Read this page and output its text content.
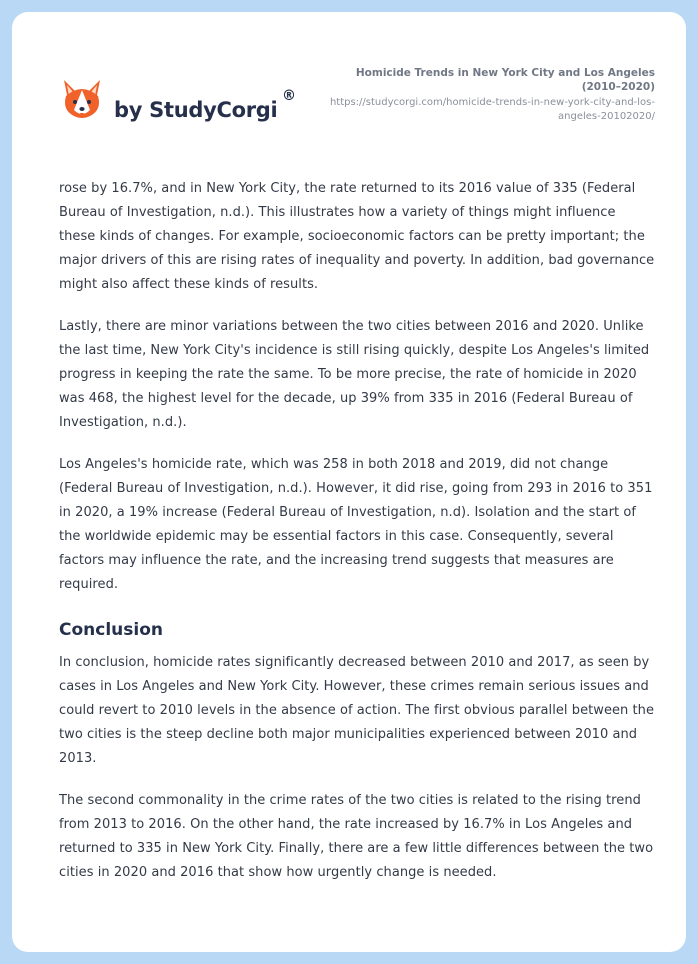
by StudyCorgi
®
Homicide Trends in New York City and Los Angeles (2010–2020)
https://studycorgi.com/homicide-trends-in-new-york-city-and-los-angeles-20102020/

rose by 16.7%, and in New York City, the rate returned to its 2016 value of 335 (Federal Bureau of Investigation, n.d.). This illustrates how a variety of things might influence these kinds of changes. For example, socioeconomic factors can be pretty important; the major drivers of this are rising rates of inequality and poverty. In addition, bad governance might also affect these kinds of results.

Lastly, there are minor variations between the two cities between 2016 and 2020. Unlike the last time, New York City's incidence is still rising quickly, despite Los Angeles's limited progress in keeping the rate the same. To be more precise, the rate of homicide in 2020 was 468, the highest level for the decade, up 39% from 335 in 2016 (Federal Bureau of Investigation, n.d.).

Los Angeles's homicide rate, which was 258 in both 2018 and 2019, did not change (Federal Bureau of Investigation, n.d.). However, it did rise, going from 293 in 2016 to 351 in 2020, a 19% increase (Federal Bureau of Investigation, n.d). Isolation and the start of the worldwide epidemic may be essential factors in this case. Consequently, several factors may influence the rate, and the increasing trend suggests that measures are required.

Conclusion

In conclusion, homicide rates significantly decreased between 2010 and 2017, as seen by cases in Los Angeles and New York City. However, these crimes remain serious issues and could revert to 2010 levels in the absence of action. The first obvious parallel between the two cities is the steep decline both major municipalities experienced between 2010 and 2013.

The second commonality in the crime rates of the two cities is related to the rising trend from 2013 to 2016. On the other hand, the rate increased by 16.7% in Los Angeles and returned to 335 in New York City. Finally, there are a few little differences between the two cities in 2020 and 2016 that show how urgently change is needed.
